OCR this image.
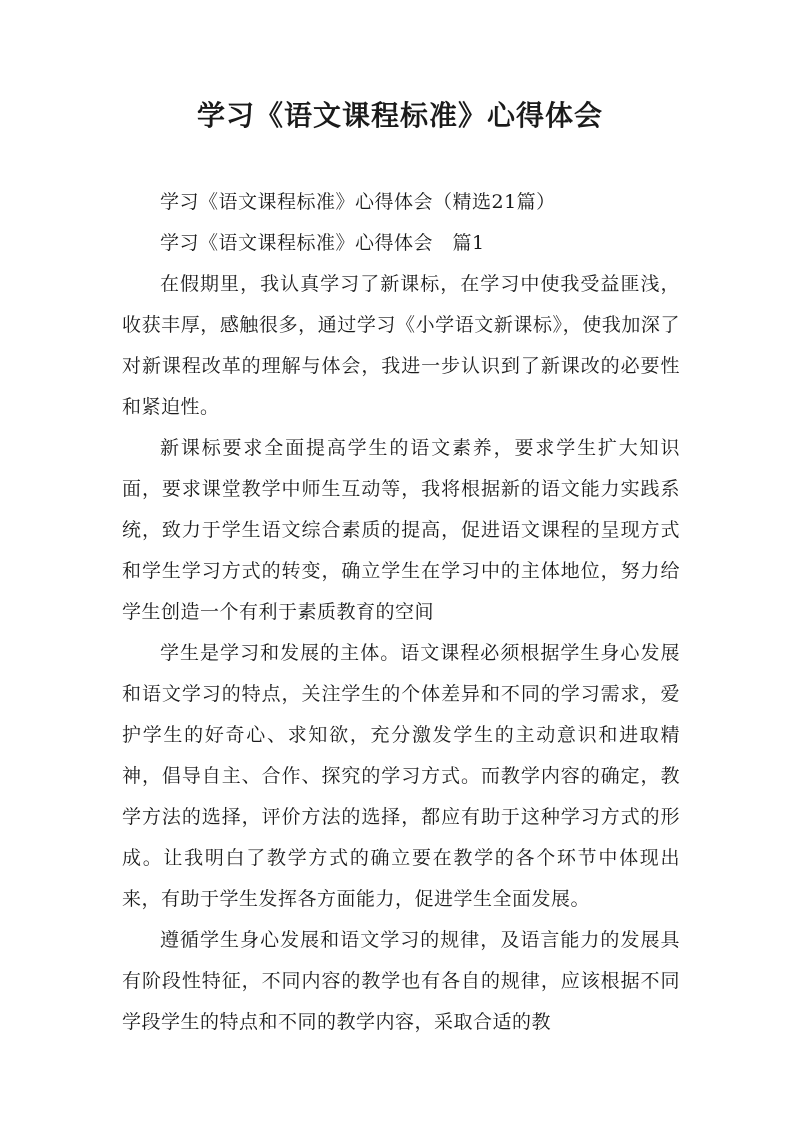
学习《语文课程标准》心得体会

学习《语文课程标准》心得体会（精选21篇）

学习《语文课程标准》心得体会　篇1

在假期里，我认真学习了新课标，在学习中使我受益匪浅，收获丰厚，感触很多，通过学习《小学语文新课标》，使我加深了对新课程改革的理解与体会，我进一步认识到了新课改的必要性和紧迫性。

新课标要求全面提高学生的语文素养，要求学生扩大知识面，要求课堂教学中师生互动等，我将根据新的语文能力实践系统，致力于学生语文综合素质的提高，促进语文课程的呈现方式和学生学习方式的转变，确立学生在学习中的主体地位，努力给学生创造一个有利于素质教育的空间

学生是学习和发展的主体。语文课程必须根据学生身心发展和语文学习的特点，关注学生的个体差异和不同的学习需求，爱护学生的好奇心、求知欲，充分激发学生的主动意识和进取精神，倡导自主、合作、探究的学习方式。而教学内容的确定，教学方法的选择，评价方法的选择，都应有助于这种学习方式的形成。让我明白了教学方式的确立要在教学的各个环节中体现出来，有助于学生发挥各方面能力，促进学生全面发展。

遵循学生身心发展和语文学习的规律，及语言能力的发展具有阶段性特征，不同内容的教学也有各自的规律，应该根据不同学段学生的特点和不同的教学内容，采取合适的教
